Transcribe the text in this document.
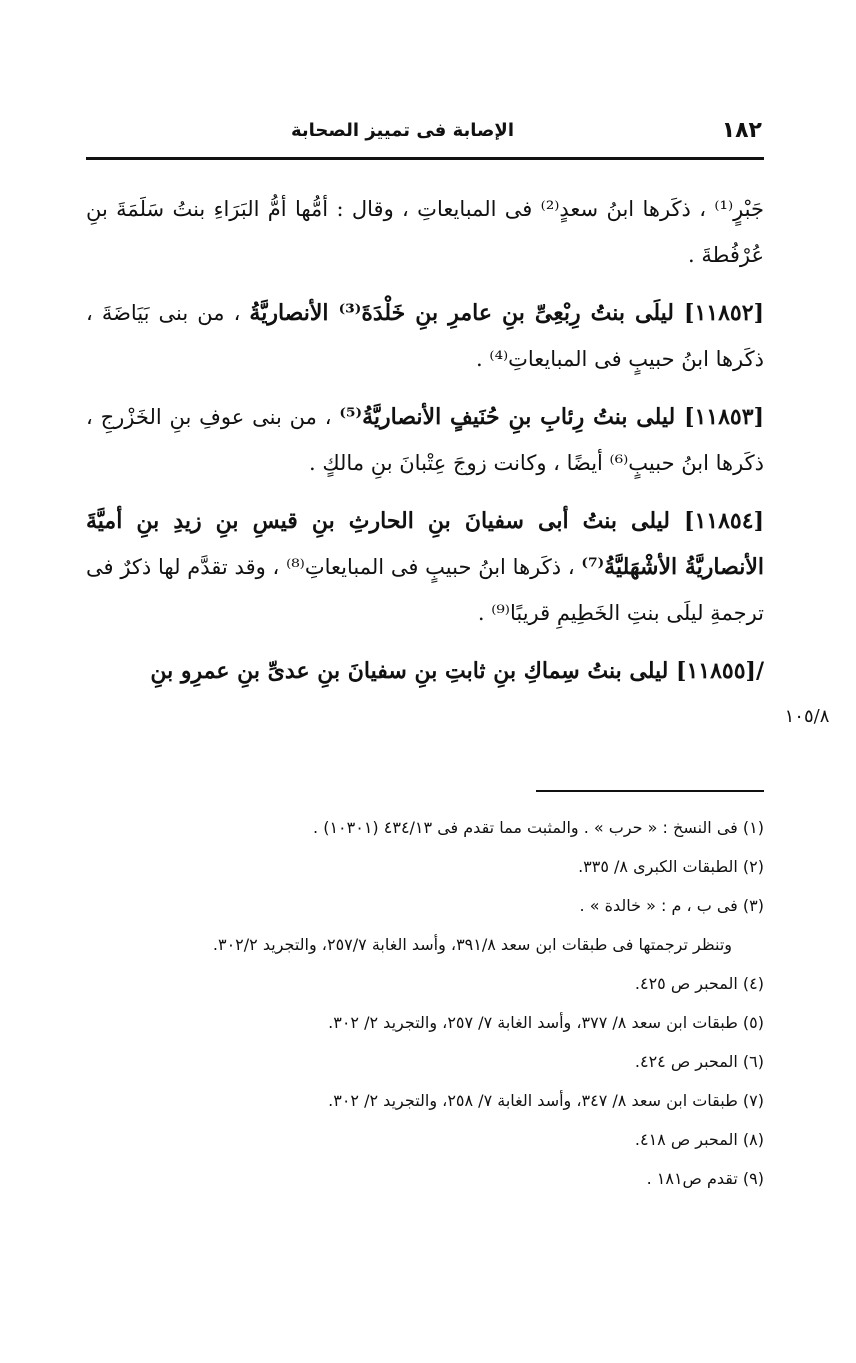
١٨٢
الإصابة فى تمييز الصحابة
١٠٥/٨

جَبْرٍ⁽¹⁾ ، ذكَرها ابنُ سعدٍ⁽²⁾ فى المبايعاتِ ، وقال : أمُّها أمُّ البَرَاءِ بنتُ سَلَمَةَ بنِ عُرْفُطةَ .

[١١٨٥٢] ليلَى بنتُ رِبْعِىِّ بنِ عامرِ بنِ خَلْدَةَ⁽³⁾ الأنصاريَّةُ ، من بنى بَيَاضَةَ ، ذكَرها ابنُ حبيبٍ فى المبايعاتِ⁽⁴⁾ .

[١١٨٥٣] ليلى بنتُ رِئابِ بنِ حُنَيفٍ الأنصاريَّةُ⁽⁵⁾ ، من بنى عوفِ بنِ الخَزْرجِ ، ذكَرها ابنُ حبيبٍ⁽⁶⁾ أيضًا ، وكانت زوجَ عِتْبانَ بنِ مالكٍ .

[١١٨٥٤] ليلى بنتُ أبى سفيانَ بنِ الحارثِ بنِ قيسِ بنِ زيدِ بنِ أميَّةَ الأنصاريَّةُ الأشْهَليَّةُ⁽⁷⁾ ، ذكَرها ابنُ حبيبٍ فى المبايعاتِ⁽⁸⁾ ، وقد تقدَّم لها ذكرٌ فى ترجمةِ ليلَى بنتِ الخَطِيمِ قريبًا⁽⁹⁾ .

/[١١٨٥٥] ليلى بنتُ سِماكِ بنِ ثابتِ بنِ سفيانَ بنِ عدىِّ بنِ عمرِو بنِ

(١) فى النسخ : « حرب » . والمثبت مما تقدم فى ٤٣٤/١٣ (١٠٣٠١) .

(٢) الطبقات الكبرى ٨/ ٣٣٥.

(٣) فى ب ، م : « خالدة » .

وتنظر ترجمتها فى طبقات ابن سعد ٣٩١/٨، وأسد الغابة ٢٥٧/٧، والتجريد ٣٠٢/٢.

(٤) المحبر ص ٤٢٥.

(٥) طبقات ابن سعد ٨/ ٣٧٧، وأسد الغابة ٧/ ٢٥٧، والتجريد ٢/ ٣٠٢.

(٦) المحبر ص ٤٢٤.

(٧) طبقات ابن سعد ٨/ ٣٤٧، وأسد الغابة ٧/ ٢٥٨، والتجريد ٢/ ٣٠٢.

(٨) المحبر ص ٤١٨.

(٩) تقدم ص١٨١ .
